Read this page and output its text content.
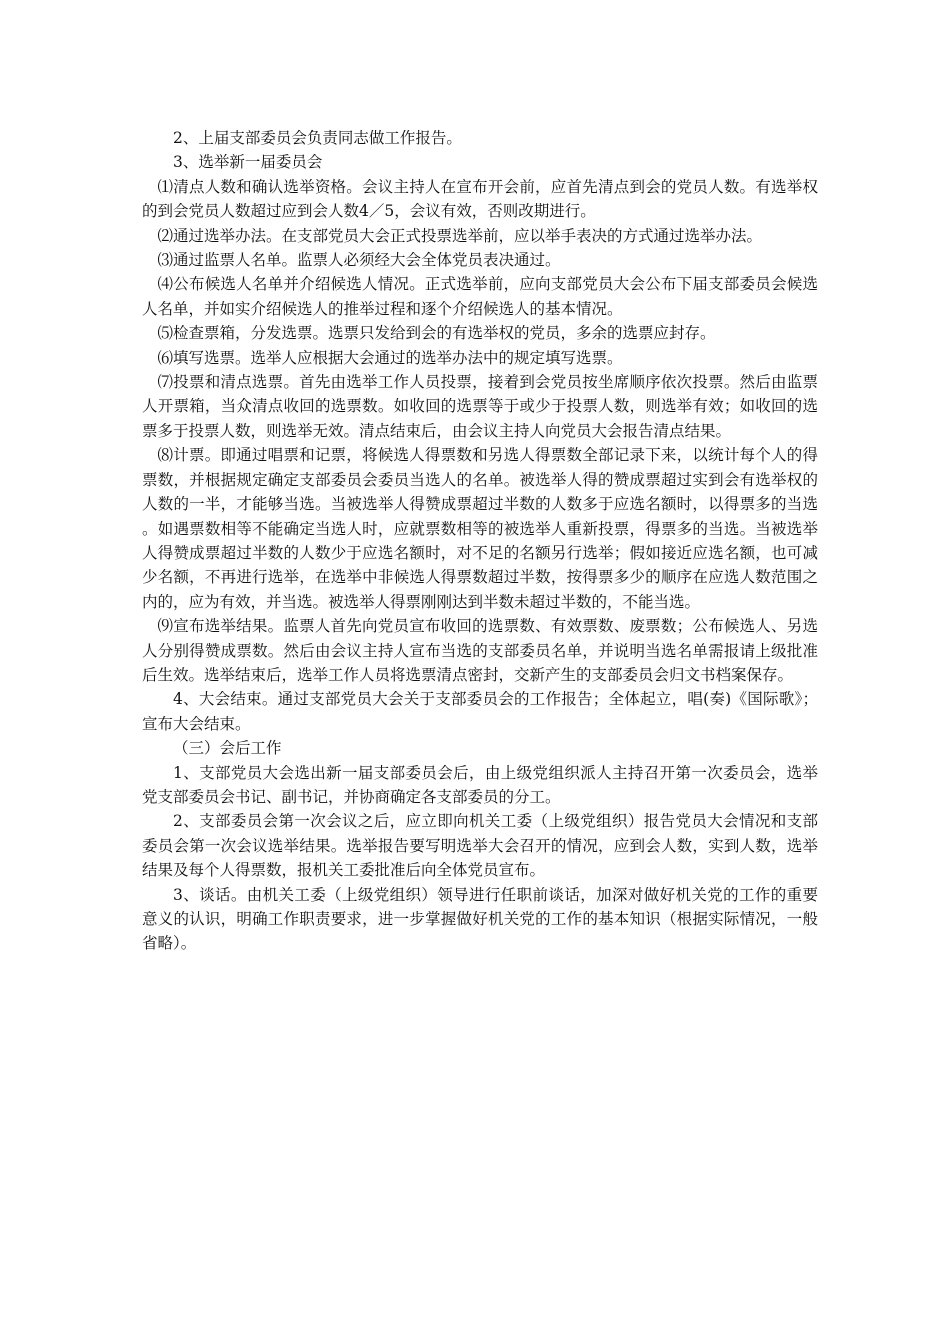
2、上届支部委员会负责同志做工作报告。

3、选举新一届委员会

⑴清点人数和确认选举资格。会议主持人在宣布开会前，应首先清点到会的党员人数。有选举权的到会党员人数超过应到会人数4／5，会议有效，否则改期进行。

⑵通过选举办法。在支部党员大会正式投票选举前，应以举手表决的方式通过选举办法。

⑶通过监票人名单。监票人必须经大会全体党员表决通过。

⑷公布候选人名单并介绍候选人情况。正式选举前，应向支部党员大会公布下届支部委员会候选人名单，并如实介绍候选人的推举过程和逐个介绍候选人的基本情况。

⑸检查票箱，分发选票。选票只发给到会的有选举权的党员，多余的选票应封存。

⑹填写选票。选举人应根据大会通过的选举办法中的规定填写选票。

⑺投票和清点选票。首先由选举工作人员投票，接着到会党员按坐席顺序依次投票。然后由监票人开票箱，当众清点收回的选票数。如收回的选票等于或少于投票人数，则选举有效；如收回的选票多于投票人数，则选举无效。清点结束后，由会议主持人向党员大会报告清点结果。

⑻计票。即通过唱票和记票，将候选人得票数和另选人得票数全部记录下来，以统计每个人的得票数，并根据规定确定支部委员会委员当选人的名单。被选举人得的赞成票超过实到会有选举权的人数的一半，才能够当选。当被选举人得赞成票超过半数的人数多于应选名额时，以得票多的当选。如遇票数相等不能确定当选人时，应就票数相等的被选举人重新投票，得票多的当选。当被选举人得赞成票超过半数的人数少于应选名额时，对不足的名额另行选举；假如接近应选名额，也可减少名额，不再进行选举，在选举中非候选人得票数超过半数，按得票多少的顺序在应选人数范围之内的，应为有效，并当选。被选举人得票刚刚达到半数未超过半数的，不能当选。

⑼宣布选举结果。监票人首先向党员宣布收回的选票数、有效票数、废票数；公布候选人、另选人分别得赞成票数。然后由会议主持人宣布当选的支部委员名单，并说明当选名单需报请上级批准后生效。选举结束后，选举工作人员将选票清点密封，交新产生的支部委员会归文书档案保存。

4、大会结束。通过支部党员大会关于支部委员会的工作报告；全体起立，唱(奏)《国际歌》；宣布大会结束。

（三）会后工作

1、支部党员大会选出新一届支部委员会后，由上级党组织派人主持召开第一次委员会，选举党支部委员会书记、副书记，并协商确定各支部委员的分工。

2、支部委员会第一次会议之后，应立即向机关工委（上级党组织）报告党员大会情况和支部委员会第一次会议选举结果。选举报告要写明选举大会召开的情况，应到会人数，实到人数，选举结果及每个人得票数，报机关工委批准后向全体党员宣布。

3、谈话。由机关工委（上级党组织）领导进行任职前谈话，加深对做好机关党的工作的重要意义的认识，明确工作职责要求，进一步掌握做好机关党的工作的基本知识（根据实际情况，一般省略）。
